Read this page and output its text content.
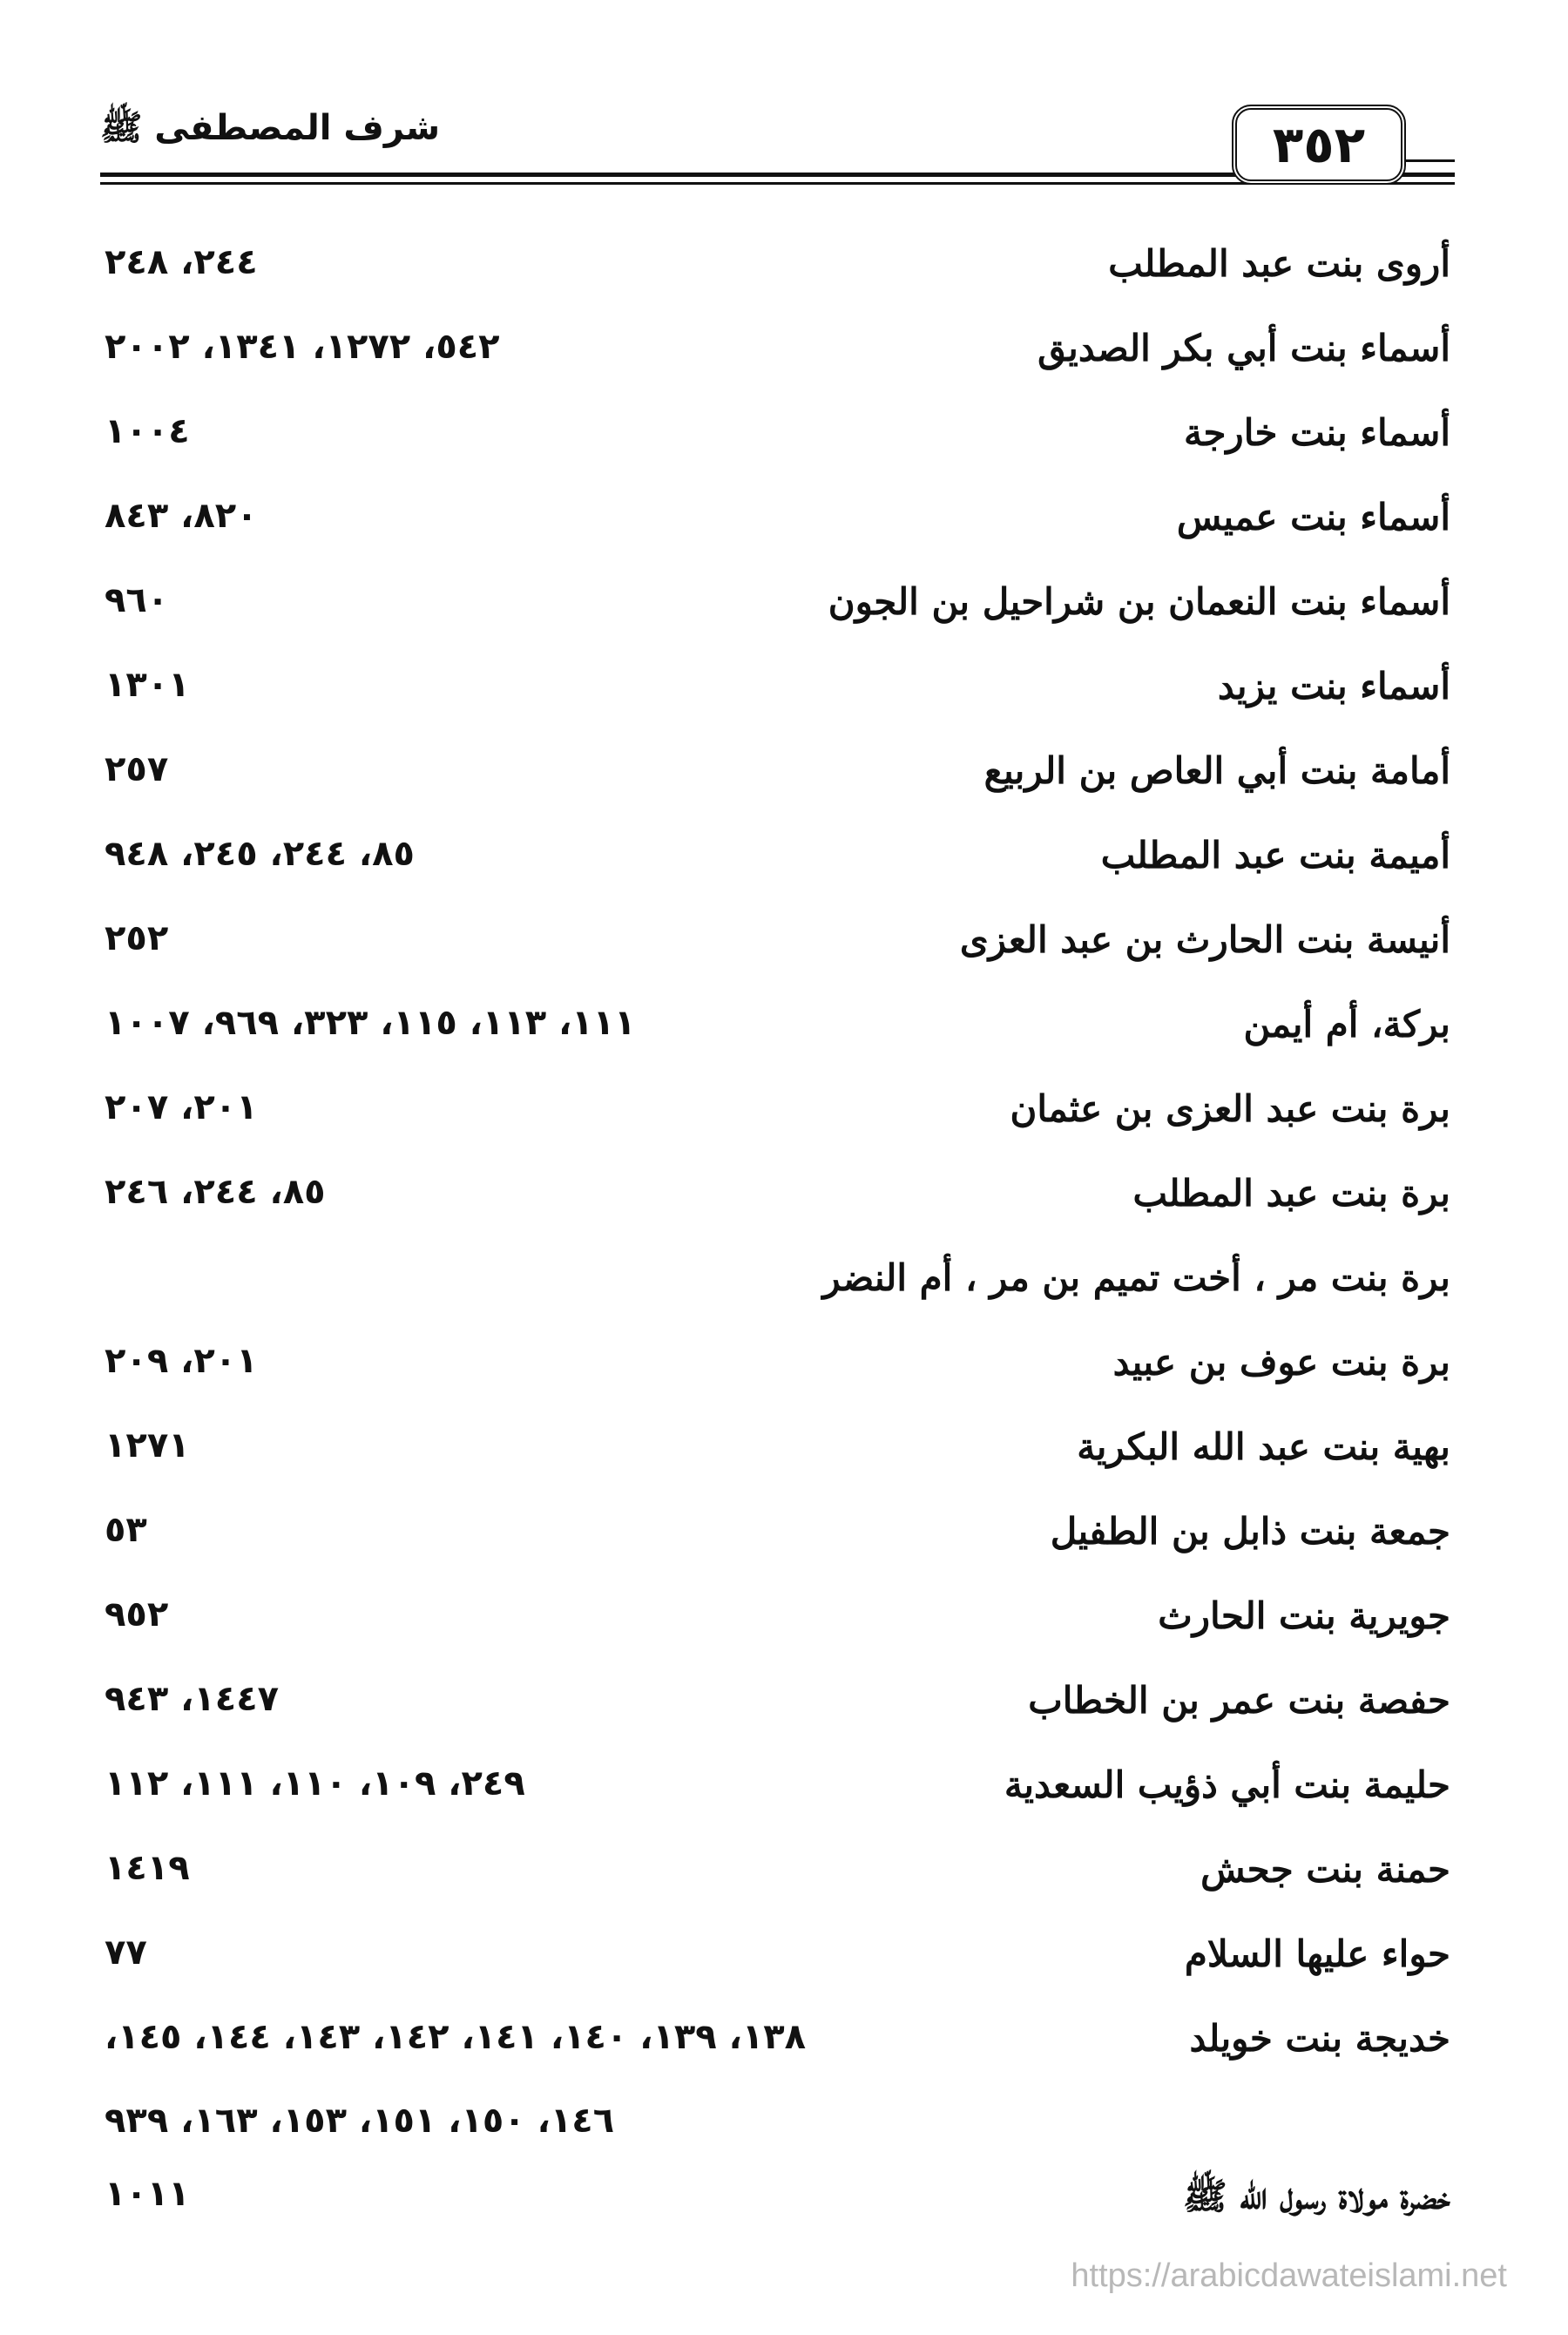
شرف المصطفى ﷺ	٣٥٢
أروى بنت عبد المطلب
٢٤٤، ٢٤٨
أسماء بنت أبي بكر الصديق
٥٤٢، ١٢٧٢، ١٣٤١، ٢٠٠٢
أسماء بنت خارجة
١٠٠٤
أسماء بنت عميس
٨٢٠، ٨٤٣
أسماء بنت النعمان بن شراحيل بن الجون
٩٦٠
أسماء بنت يزيد
١٣٠١
أمامة بنت أبي العاص بن الربيع
٢٥٧
أميمة بنت عبد المطلب
٨٥، ٢٤٤، ٢٤٥، ٩٤٨
أنيسة بنت الحارث بن عبد العزى
٢٥٢
بركة، أم أيمن
١١١، ١١٣، ١١٥، ٣٢٣، ٩٦٩، ١٠٠٧
برة بنت عبد العزى بن عثمان
٢٠١، ٢٠٧
برة بنت عبد المطلب
٨٥، ٢٤٤، ٢٤٦
برة بنت مر ، أخت تميم بن مر ، أم النضر
برة بنت عوف بن عبيد
٢٠١، ٢٠٩
بهية بنت عبد الله البكرية
١٢٧١
جمعة بنت ذابل بن الطفيل
٥٣
جويرية بنت الحارث
٩٥٢
حفصة بنت عمر بن الخطاب
١٤٤٧، ٩٤٣
حليمة بنت أبي ذؤيب السعدية
٢٤٩، ١٠٩، ١١٠، ١١١، ١١٢
حمنة بنت جحش
١٤١٩
حواء عليها السلام
٧٧
خديجة بنت خويلد
١٣٨، ١٣٩، ١٤٠، ١٤١، ١٤٢، ١٤٣، ١٤٤، ١٤٥،
١٤٦، ١٥٠، ١٥١، ١٥٣، ١٦٣، ٩٣٩
خضرة مولاة رسول الله ﷺ
١٠١١
https://arabicdawateislami.net
